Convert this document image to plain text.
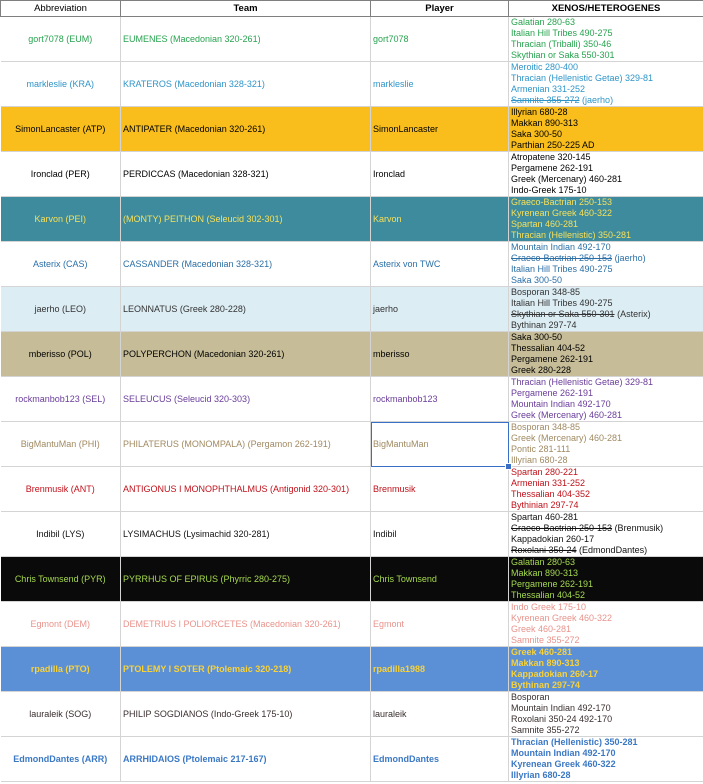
Abbreviation	Team	Player	XENOS/HETEROGENES
gort7078 (EUM)	EUMENES (Macedonian 320-261)	gort7078	Galatian 280-63
Italian Hill Tribes 490-275
Thracian (Triballi) 350-46
Skythian or Saka 550-301

markleslie (KRA)	KRATEROS (Macedonian 328-321)	markleslie	Meroitic 280-400
Thracian (Hellenistic Getae) 329-81
Armenian 331-252
Samnite 355-272 (jaerho)

SimonLancaster (ATP)	ANTIPATER (Macedonian 320-261)	SimonLancaster	Illyrian 680-28
Makkan 890-313
Saka 300-50
Parthian 250-225 AD

Ironclad (PER)	PERDICCAS (Macedonian 328-321)	Ironclad	Atropatene 320-145
Pergamene 262-191
Greek (Mercenary) 460-281
Indo-Greek 175-10

Karvon (PEI)	(MONTY) PEITHON (Seleucid 302-301)	Karvon	Graeco-Bactrian 250-153
Kyrenean Greek 460-322
Spartan 460-281
Thracian (Hellenistic) 350-281

Asterix (CAS)	CASSANDER (Macedonian 328-321)	Asterix von TWC	Mountain Indian 492-170
Graeco-Bactrian 250-153 (jaerho)
Italian Hill Tribes 490-275
Saka 300-50

jaerho (LEO)	LEONNATUS (Greek 280-228)	jaerho	Bosporan 348-85
Italian Hill Tribes 490-275
Skythian or Saka 550-301 (Asterix)
Bythinan 297-74

mberisso (POL)	POLYPERCHON (Macedonian 320-261)	mberisso	Saka 300-50
Thessalian 404-52
Pergamene 262-191
Greek 280-228

rockmanbob123 (SEL)	SELEUCUS (Seleucid 320-303)	rockmanbob123	Thracian (Hellenistic Getae) 329-81
Pergamene 262-191
Mountain Indian 492-170
Greek (Mercenary) 460-281

BigMantuMan (PHI)	PHILATERUS (MONOMPALA) (Pergamon 262-191)	BigMantuMan	Bosporan 348-85
Greek (Mercenary) 460-281
Pontic 281-111
Illyrian 680-28

Brenmusik (ANT)	ANTIGONUS I MONOPHTHALMUS (Antigonid 320-301)	Brenmusik	Spartan 280-221
Armenian 331-252
Thessalian 404-352
Bythinian 297-74

Indibil (LYS)	LYSIMACHUS (Lysimachid 320-281)	Indibil	Spartan 460-281
Graeco-Bactrian 250-153 (Brenmusik)
Kappadokian 260-17
Roxolani 350-24 (EdmondDantes)

Chris Townsend (PYR)	PYRRHUS OF EPIRUS (Phyrric 280-275)	Chris Townsend	Galatian 280-63
Makkan 890-313
Pergamene 262-191
Thessalian 404-52

Egmont (DEM)	DEMETRIUS I POLIORCETES (Macedonian 320-261)	Egmont	Indo Greek 175-10
Kyrenean Greek 460-322
Greek 460-281
Samnite 355-272

rpadilla (PTO)	PTOLEMY I SOTER (Ptolemaic 320-218)	rpadilla1988	Greek 460-281
Makkan 890-313
Kappadokian 260-17
Bythinan 297-74

lauraleik (SOG)	PHILIP SOGDIANOS (Indo-Greek 175-10)	lauraleik	Bosporan
Mountain Indian 492-170
Roxolani 350-24 492-170
Samnite 355-272

EdmondDantes (ARR)	ARRHIDAIOS (Ptolemaic 217-167)	EdmondDantes	Thracian (Hellenistic) 350-281
Mountain Indian 492-170
Kyrenean Greek 460-322
Illyrian 680-28
